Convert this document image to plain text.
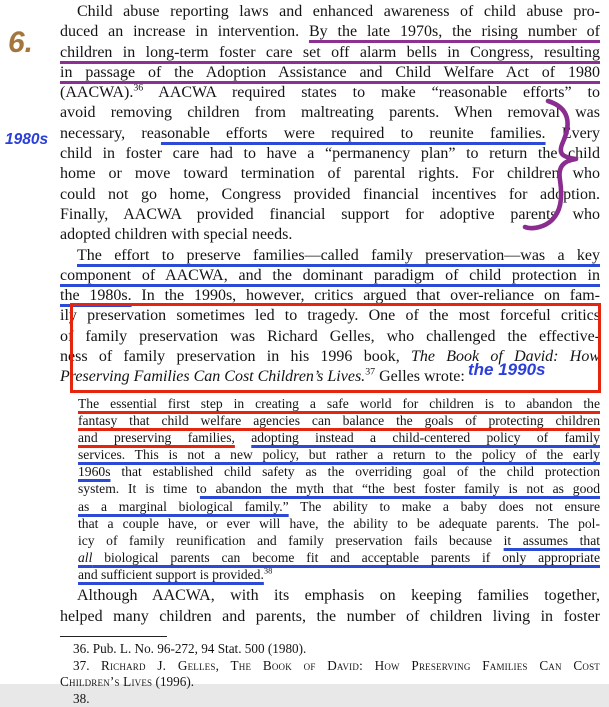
Child abuse reporting laws and enhanced awareness of child abuse pro-
duced an increase in intervention. By the late 1970s, the rising number of
children in long-term foster care set off alarm bells in Congress, resulting
in passage of the Adoption Assistance and Child Welfare Act of 1980
(AACWA).$^{36}$ AACWA required states to make “reasonable efforts” to
avoid removing children from maltreating parents. When removal was
necessary, reasonable efforts were required to reunite families. Every
child in foster care had to have a “permanency plan” to return the child
home or move toward termination of parental rights. For children who
could not go home, Congress provided financial incentives for adoption.
Finally, AACWA provided financial support for adoptive parents who
adopted children with special needs.
The effort to preserve families—called family preservation—was a key
component of AACWA, and the dominant paradigm of child protection in
the 1980s. In the 1990s, however, critics argued that over-reliance on fam-
ily preservation sometimes led to tragedy. One of the most forceful critics
of family preservation was Richard Gelles, who challenged the effective-
ness of family preservation in his 1996 book, The Book of David: How
Preserving Families Can Cost Children’s Lives.$^{37}$ Gelles wrote:
The essential first step in creating a safe world for children is to abandon the
fantasy that child welfare agencies can balance the goals of protecting children
and preserving families, adopting instead a child-centered policy of family
services. This is not a new policy, but rather a return to the policy of the early
1960s that established child safety as the overriding goal of the child protection
system. It is time to abandon the myth that “the best foster family is not as good
as a marginal biological family.” The ability to make a baby does not ensure
that a couple have, or ever will have, the ability to be adequate parents. The pol-
icy of family reunification and family preservation fails because it assumes that
all biological parents can become fit and acceptable parents if only appropriate
and sufficient support is provided.$^{38}$
Although AACWA, with its emphasis on keeping families together,
helped many children and parents, the number of children living in foster
36. Pub. L. No. 96-272, 94 Stat. 500 (1980).
37. Richard J. Gelles, The Book of David: How Preserving Families Can Cost
Children’s Lives (1996).
38.
6.
1980s
the 1990s
